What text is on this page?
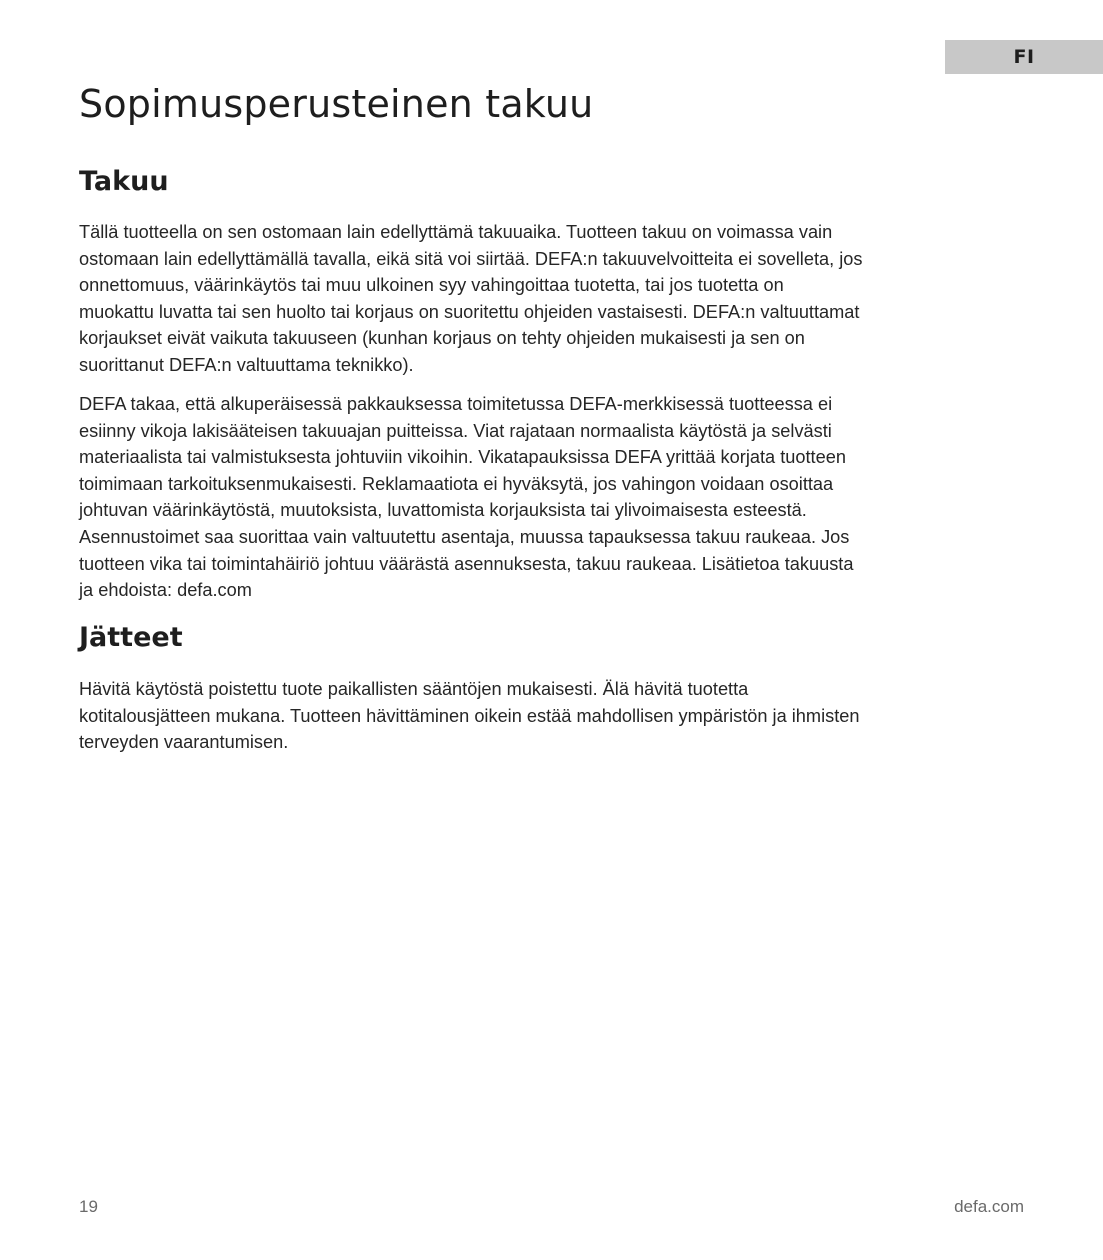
FI
Sopimusperusteinen takuu
Takuu

Tällä tuotteella on sen ostomaan lain edellyttämä takuuaika. Tuotteen takuu on voimassa vain
ostomaan lain edellyttämällä tavalla, eikä sitä voi siirtää. DEFA:n takuuvelvoitteita ei sovelleta, jos
onnettomuus, väärinkäytös tai muu ulkoinen syy vahingoittaa tuotetta, tai jos tuotetta on
muokattu luvatta tai sen huolto tai korjaus on suoritettu ohjeiden vastaisesti. DEFA:n valtuuttamat
korjaukset eivät vaikuta takuuseen (kunhan korjaus on tehty ohjeiden mukaisesti ja sen on
suorittanut DEFA:n valtuuttama teknikko).

DEFA takaa, että alkuperäisessä pakkauksessa toimitetussa DEFA-merkkisessä tuotteessa ei
esiinny vikoja lakisääteisen takuuajan puitteissa. Viat rajataan normaalista käytöstä ja selvästi
materiaalista tai valmistuksesta johtuviin vikoihin. Vikatapauksissa DEFA yrittää korjata tuotteen
toimimaan tarkoituksenmukaisesti. Reklamaatiota ei hyväksytä, jos vahingon voidaan osoittaa
johtuvan väärinkäytöstä, muutoksista, luvattomista korjauksista tai ylivoimaisesta esteestä.
Asennustoimet saa suorittaa vain valtuutettu asentaja, muussa tapauksessa takuu raukeaa. Jos
tuotteen vika tai toimintahäiriö johtuu väärästä asennuksesta, takuu raukeaa. Lisätietoa takuusta
ja ehdoista: defa.com

Jätteet

Hävitä käytöstä poistettu tuote paikallisten sääntöjen mukaisesti. Älä hävitä tuotetta
kotitalousjätteen mukana. Tuotteen hävittäminen oikein estää mahdollisen ympäristön ja ihmisten
terveyden vaarantumisen.

19	defa.com
